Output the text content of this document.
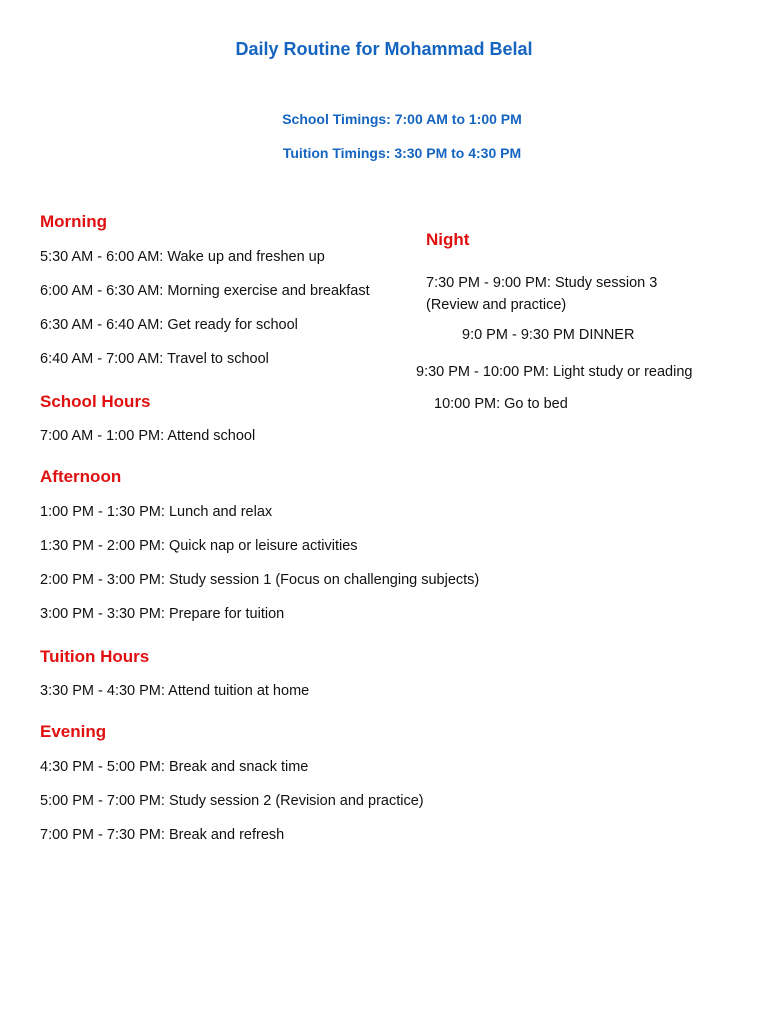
Daily Routine for Mohammad Belal
School Timings: 7:00 AM to 1:00 PM
Tuition Timings: 3:30 PM to 4:30 PM
Morning
5:30 AM - 6:00 AM: Wake up and freshen up
6:00 AM - 6:30 AM: Morning exercise and breakfast
6:30 AM - 6:40 AM: Get ready for school
6:40 AM - 7:00 AM: Travel to school
School Hours
7:00 AM - 1:00 PM: Attend school
Afternoon
1:00 PM - 1:30 PM: Lunch and relax
1:30 PM - 2:00 PM: Quick nap or leisure activities
2:00 PM - 3:00 PM: Study session 1 (Focus on challenging subjects)
3:00 PM - 3:30 PM: Prepare for tuition
Tuition Hours
3:30 PM - 4:30 PM: Attend tuition at home
Evening
4:30 PM - 5:00 PM: Break and snack time
5:00 PM - 7:00 PM: Study session 2 (Revision and practice)
7:00 PM - 7:30 PM: Break and refresh
Night
7:30 PM - 9:00 PM: Study session 3 (Review and practice)
9:0 PM - 9:30 PM DINNER
9:30 PM - 10:00 PM: Light study or reading
10:00 PM: Go to bed
